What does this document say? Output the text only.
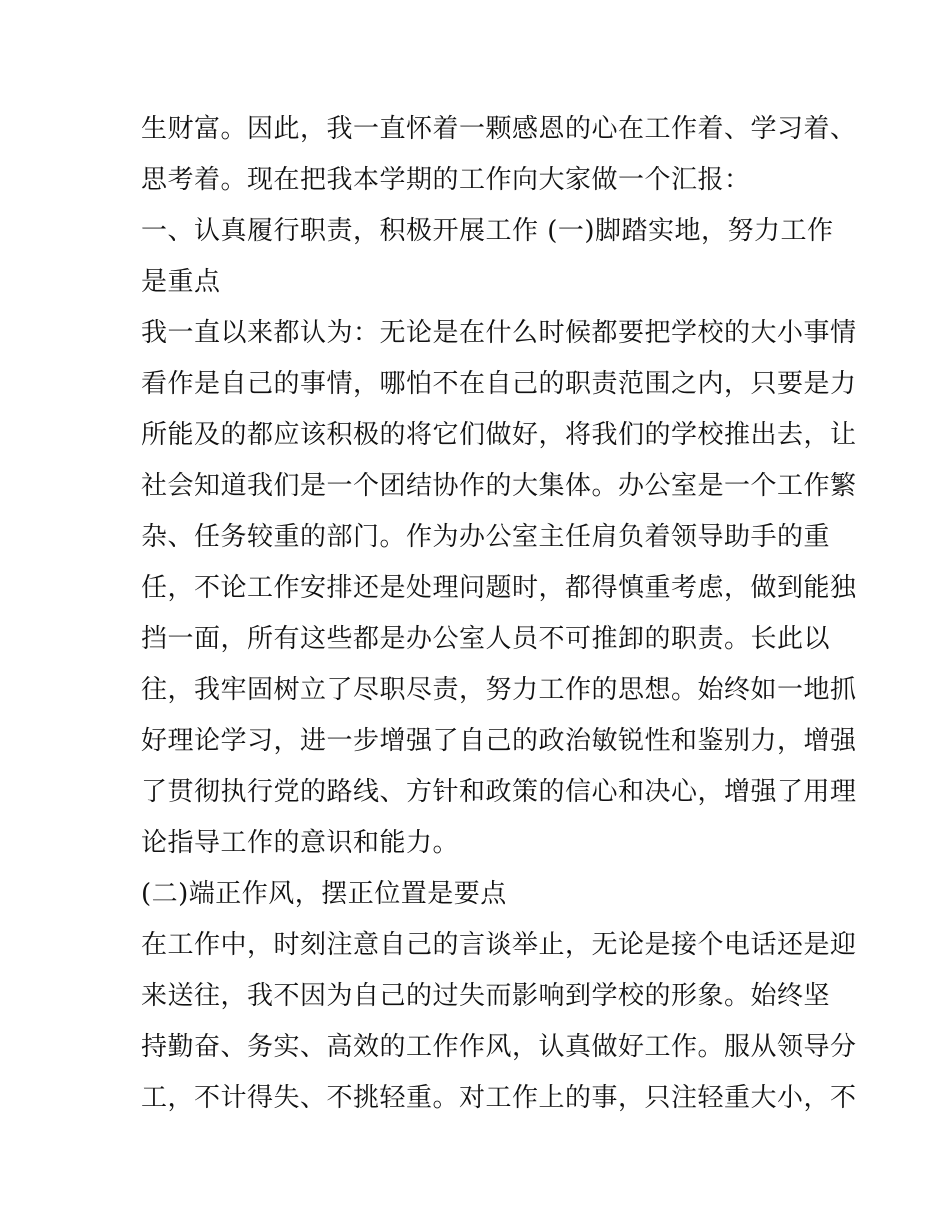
生财富。因此，我一直怀着一颗感恩的心在工作着、学习着、
思考着。现在把我本学期的工作向大家做一个汇报：
一、认真履行职责，积极开展工作 (一)脚踏实地，努力工作
是重点
我一直以来都认为：无论是在什么时候都要把学校的大小事情
看作是自己的事情，哪怕不在自己的职责范围之内，只要是力
所能及的都应该积极的将它们做好，将我们的学校推出去，让
社会知道我们是一个团结协作的大集体。办公室是一个工作繁
杂、任务较重的部门。作为办公室主任肩负着领导助手的重
任，不论工作安排还是处理问题时，都得慎重考虑，做到能独
挡一面，所有这些都是办公室人员不可推卸的职责。长此以
往，我牢固树立了尽职尽责，努力工作的思想。始终如一地抓
好理论学习，进一步增强了自己的政治敏锐性和鉴别力，增强
了贯彻执行党的路线、方针和政策的信心和决心，增强了用理
论指导工作的意识和能力。
(二)端正作风，摆正位置是要点
在工作中，时刻注意自己的言谈举止，无论是接个电话还是迎
来送往，我不因为自己的过失而影响到学校的形象。始终坚
持勤奋、务实、高效的工作作风，认真做好工作。服从领导分
工，不计得失、不挑轻重。对工作上的事，只注轻重大小，不
